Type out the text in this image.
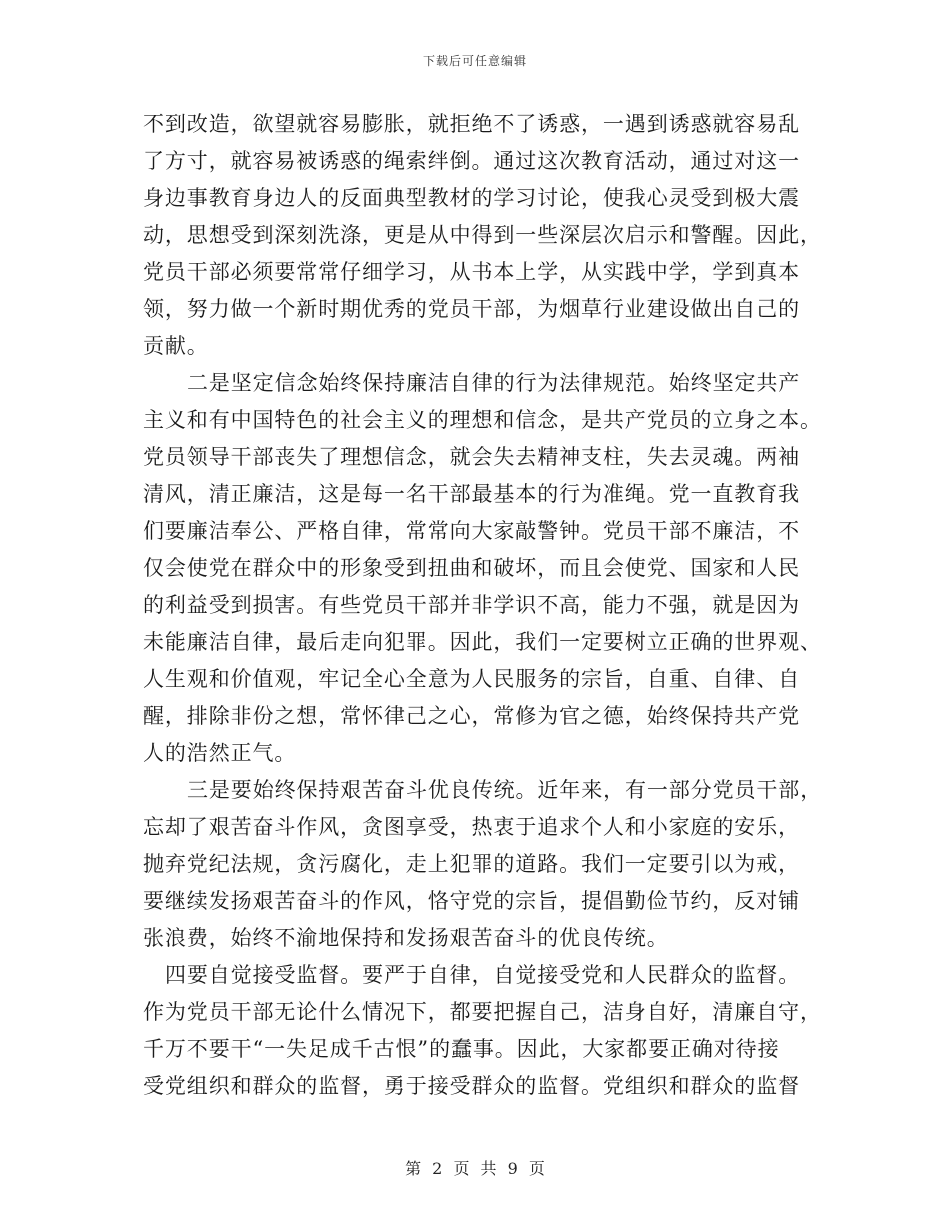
下载后可任意编辑
不到改造，欲望就容易膨胀，就拒绝不了诱惑，一遇到诱惑就容易乱
了方寸，就容易被诱惑的绳索绊倒。通过这次教育活动，通过对这一
身边事教育身边人的反面典型教材的学习讨论，使我心灵受到极大震
动，思想受到深刻洗涤，更是从中得到一些深层次启示和警醒。因此，
党员干部必须要常常仔细学习，从书本上学，从实践中学，学到真本
领，努力做一个新时期优秀的党员干部，为烟草行业建设做出自己的
贡献。
二是坚定信念始终保持廉洁自律的行为法律规范。始终坚定共产
主义和有中国特色的社会主义的理想和信念，是共产党员的立身之本。
党员领导干部丧失了理想信念，就会失去精神支柱，失去灵魂。两袖
清风，清正廉洁，这是每一名干部最基本的行为准绳。党一直教育我
们要廉洁奉公、严格自律，常常向大家敲警钟。党员干部不廉洁，不
仅会使党在群众中的形象受到扭曲和破坏，而且会使党、国家和人民
的利益受到损害。有些党员干部并非学识不高，能力不强，就是因为
未能廉洁自律，最后走向犯罪。因此，我们一定要树立正确的世界观、
人生观和价值观，牢记全心全意为人民服务的宗旨，自重、自律、自
醒，排除非份之想，常怀律己之心，常修为官之德，始终保持共产党
人的浩然正气。
三是要始终保持艰苦奋斗优良传统。近年来，有一部分党员干部，
忘却了艰苦奋斗作风，贪图享受，热衷于追求个人和小家庭的安乐，
抛弃党纪法规，贪污腐化，走上犯罪的道路。我们一定要引以为戒，
要继续发扬艰苦奋斗的作风，恪守党的宗旨，提倡勤俭节约，反对铺
张浪费，始终不渝地保持和发扬艰苦奋斗的优良传统。
四要自觉接受监督。要严于自律，自觉接受党和人民群众的监督。
作为党员干部无论什么情况下，都要把握自己，洁身自好，清廉自守，
千万不要干“一失足成千古恨”的蠢事。因此，大家都要正确对待接
受党组织和群众的监督，勇于接受群众的监督。党组织和群众的监督
第 2 页 共 9 页
